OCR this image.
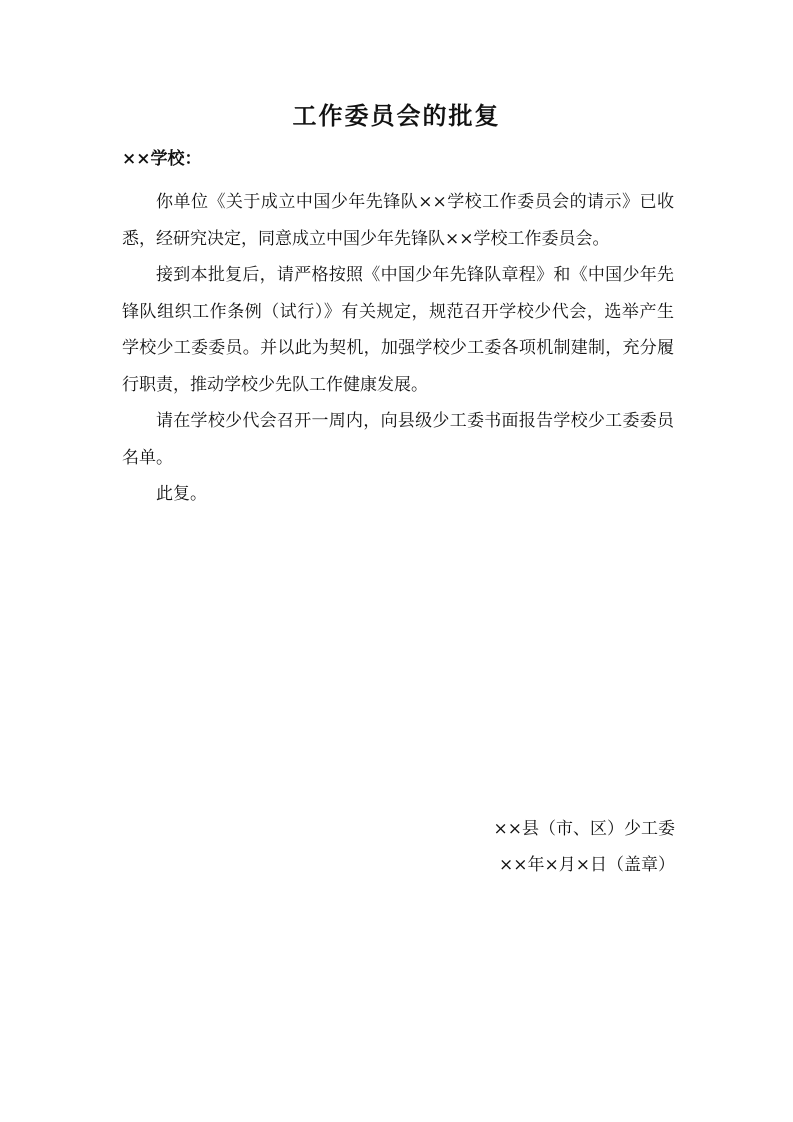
工作委员会的批复
××学校：

你单位《关于成立中国少年先锋队××学校工作委员会的请示》已收悉，经研究决定，同意成立中国少年先锋队××学校工作委员会。

接到本批复后，请严格按照《中国少年先锋队章程》和《中国少年先锋队组织工作条例（试行）》有关规定，规范召开学校少代会，选举产生学校少工委委员。并以此为契机，加强学校少工委各项机制建制，充分履行职责，推动学校少先队工作健康发展。

请在学校少代会召开一周内，向县级少工委书面报告学校少工委委员名单。

此复。

××县（市、区）少工委
××年×月×日（盖章）
